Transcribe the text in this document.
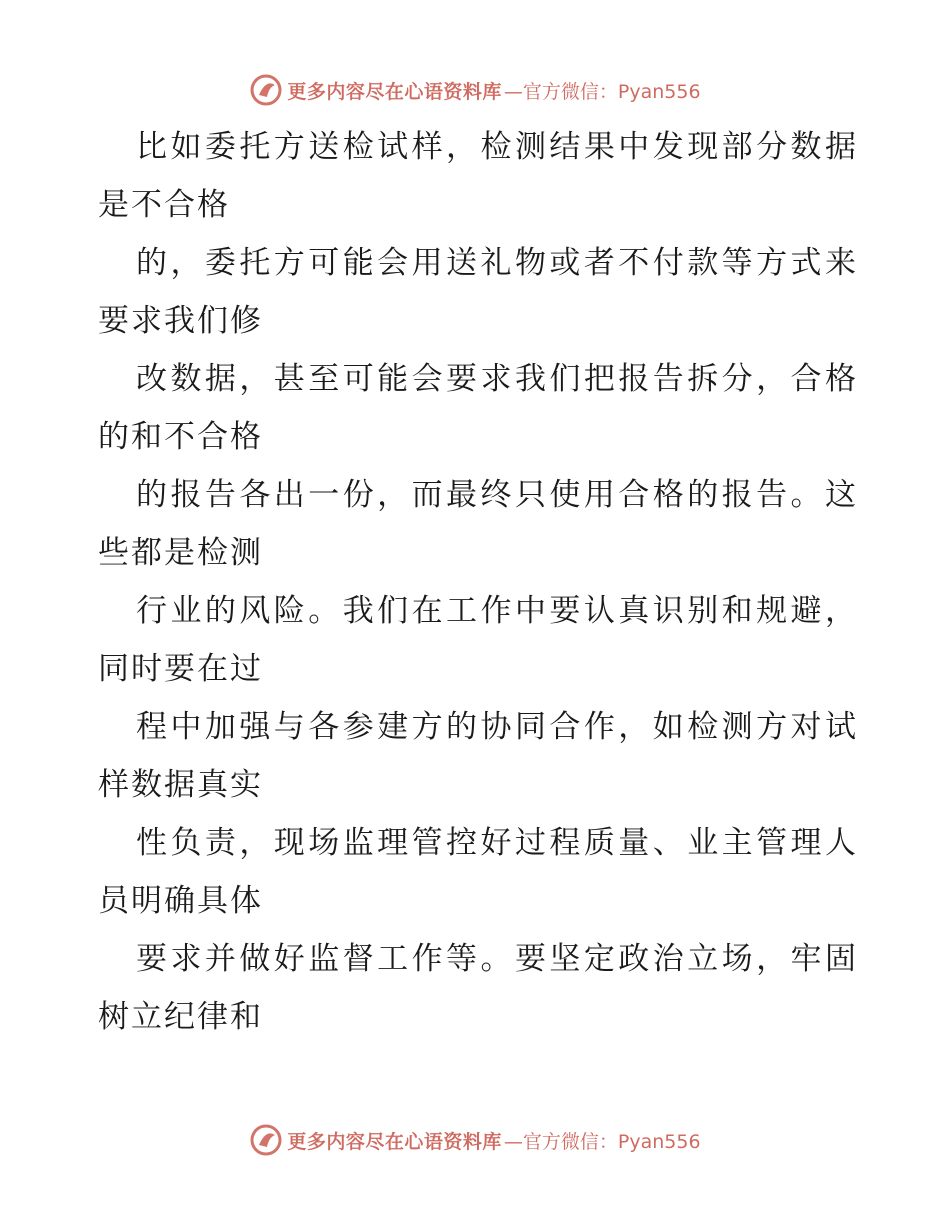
更多内容尽在心语资料库 —官方微信：Pyan556

比如委托方送检试样，检测结果中发现部分数据是不合格

的，委托方可能会用送礼物或者不付款等方式来要求我们修

改数据，甚至可能会要求我们把报告拆分，合格的和不合格

的报告各出一份，而最终只使用合格的报告。这些都是检测

行业的风险。我们在工作中要认真识别和规避，同时要在过

程中加强与各参建方的协同合作，如检测方对试样数据真实

性负责，现场监理管控好过程质量、业主管理人员明确具体

要求并做好监督工作等。要坚定政治立场，牢固树立纪律和

更多内容尽在心语资料库 —官方微信：Pyan556
